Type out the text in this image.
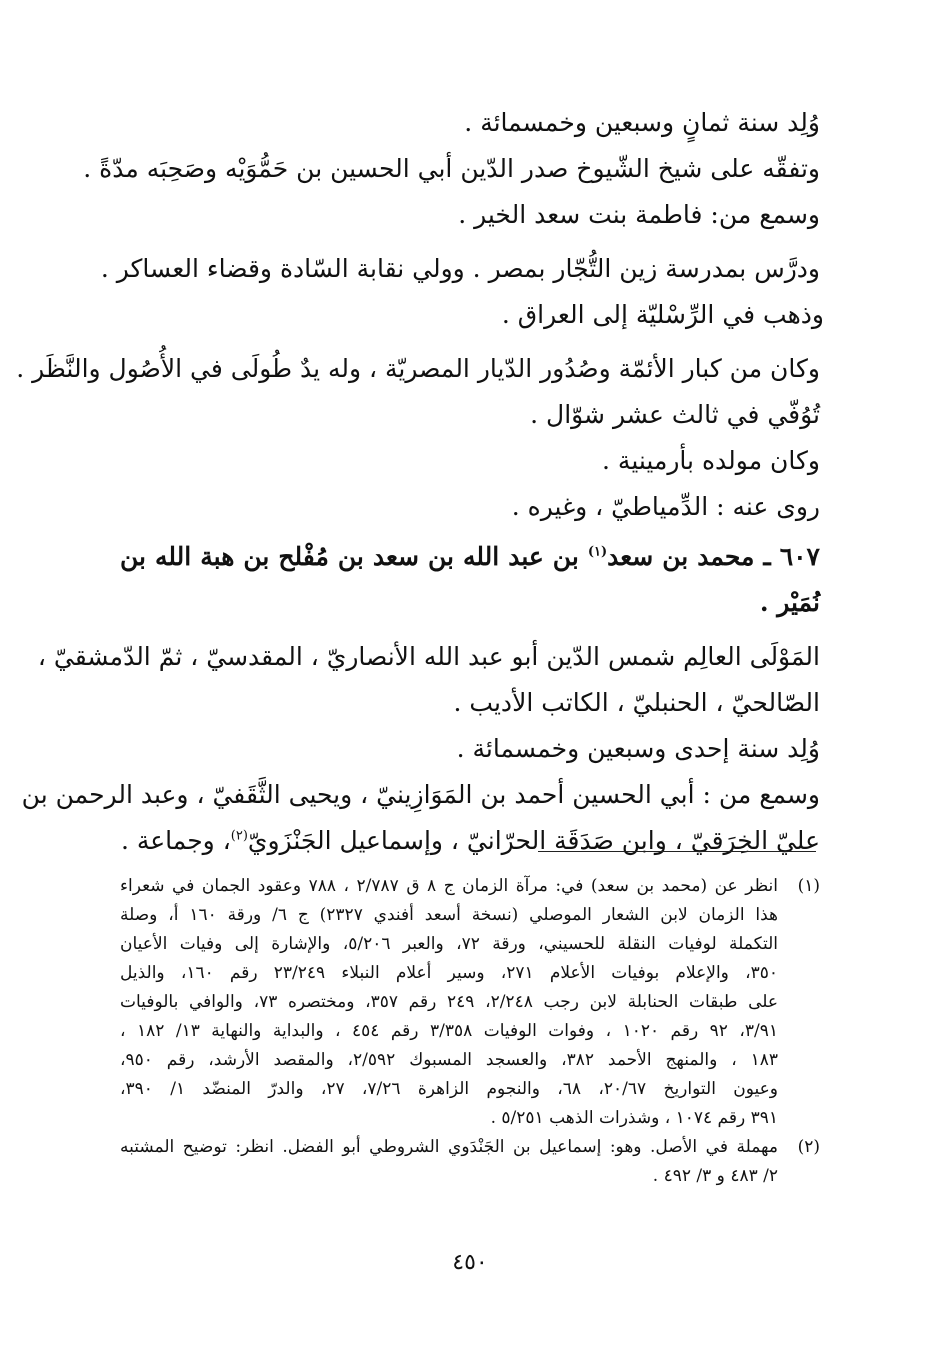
وُلِد سنة ثمانٍ وسبعين وخمسمائة .
وتفقّه على شيخ الشّيوخ صدر الدّين أبي الحسين بن حَمُّوَيْه وصَحِبَه مدّةً .
وسمع من: فاطمة بنت سعد الخير .
ودرَّس بمدرسة زين التُّجّار بمصر . وولي نقابة السّادة وقضاء العساكر .
وذهب في الرِّسْليّة إلى العراق .
وكان من كبار الأئمّة وصُدُور الدّيار المصريّة ، وله يدٌ طُولَى في الأُصُول والنَّظَر .
تُوُفّي في ثالث عشر شوّال .
وكان مولده بأرمينية .
روى عنه : الدِّمياطيّ ، وغيره .
٦٠٧ ـ محمد بن سعد$^{(١)}$ بن عبد الله بن سعد بن مُفْلح بن هبة الله بن
نُمَيْر .
المَوْلَى العالِم شمس الدّين أبو عبد الله الأنصاريّ ، المقدسيّ ، ثمّ الدّمشقيّ ،
الصّالحيّ ، الحنبليّ ، الكاتب الأديب .
وُلِد سنة إحدى وسبعين وخمسمائة .
وسمع من : أبي الحسين أحمد بن المَوَازِينيّ ، ويحيى الثَّقَفيّ ، وعبد الرحمن بن
عليّ الخِرَقيّ ، وابن صَدَقَة الحرّانيّ ، وإسماعيل الجَنْزَويّ$^{(٢)}$، وجماعة .
(١)
انظر عن (محمد بن سعد) في: مرآة الزمان ج ٨ ق ٢/٧٨٧ ، ٧٨٨ وعقود الجمان في شعراء
هذا الزمان لابن الشعار الموصلي (نسخة أسعد أفندي ٢٣٢٧) ج ٦/ ورقة ١٦٠ أ، وصلة
التكملة لوفيات النقلة للحسيني، ورقة ٧٢، والعبر ٥/٢٠٦، والإشارة إلى وفيات الأعيان
٣٥٠، والإعلام بوفيات الأعلام ٢٧١، وسير أعلام النبلاء ٢٣/٢٤٩ رقم ١٦٠، والذيل
على طبقات الحنابلة لابن رجب ٢/٢٤٨، ٢٤٩ رقم ٣٥٧، ومختصره ٧٣، والوافي بالوفيات
٣/٩١، ٩٢ رقم ١٠٢٠ ، وفوات الوفيات ٣/٣٥٨ رقم ٤٥٤ ، والبداية والنهاية ١٣/ ١٨٢ ،
١٨٣ ، والمنهج الأحمد ٣٨٢، والعسجد المسبوك ٢/٥٩٢، والمقصد الأرشد، رقم ٩٥٠،
وعيون التواريخ ٢٠/٦٧، ٦٨، والنجوم الزاهرة ٧/٢٦، ٢٧، والدرّ المنضّد ١/ ٣٩٠،
٣٩١ رقم ١٠٧٤ ، وشذرات الذهب ٥/٢٥١ .
(٢)
مهملة في الأصل. وهو: إسماعيل بن الجَنْدَوي الشروطي أبو الفضل. انظر: توضيح المشتبه
٢/ ٤٨٣ و ٣/ ٤٩٢ .
٤٥٠
